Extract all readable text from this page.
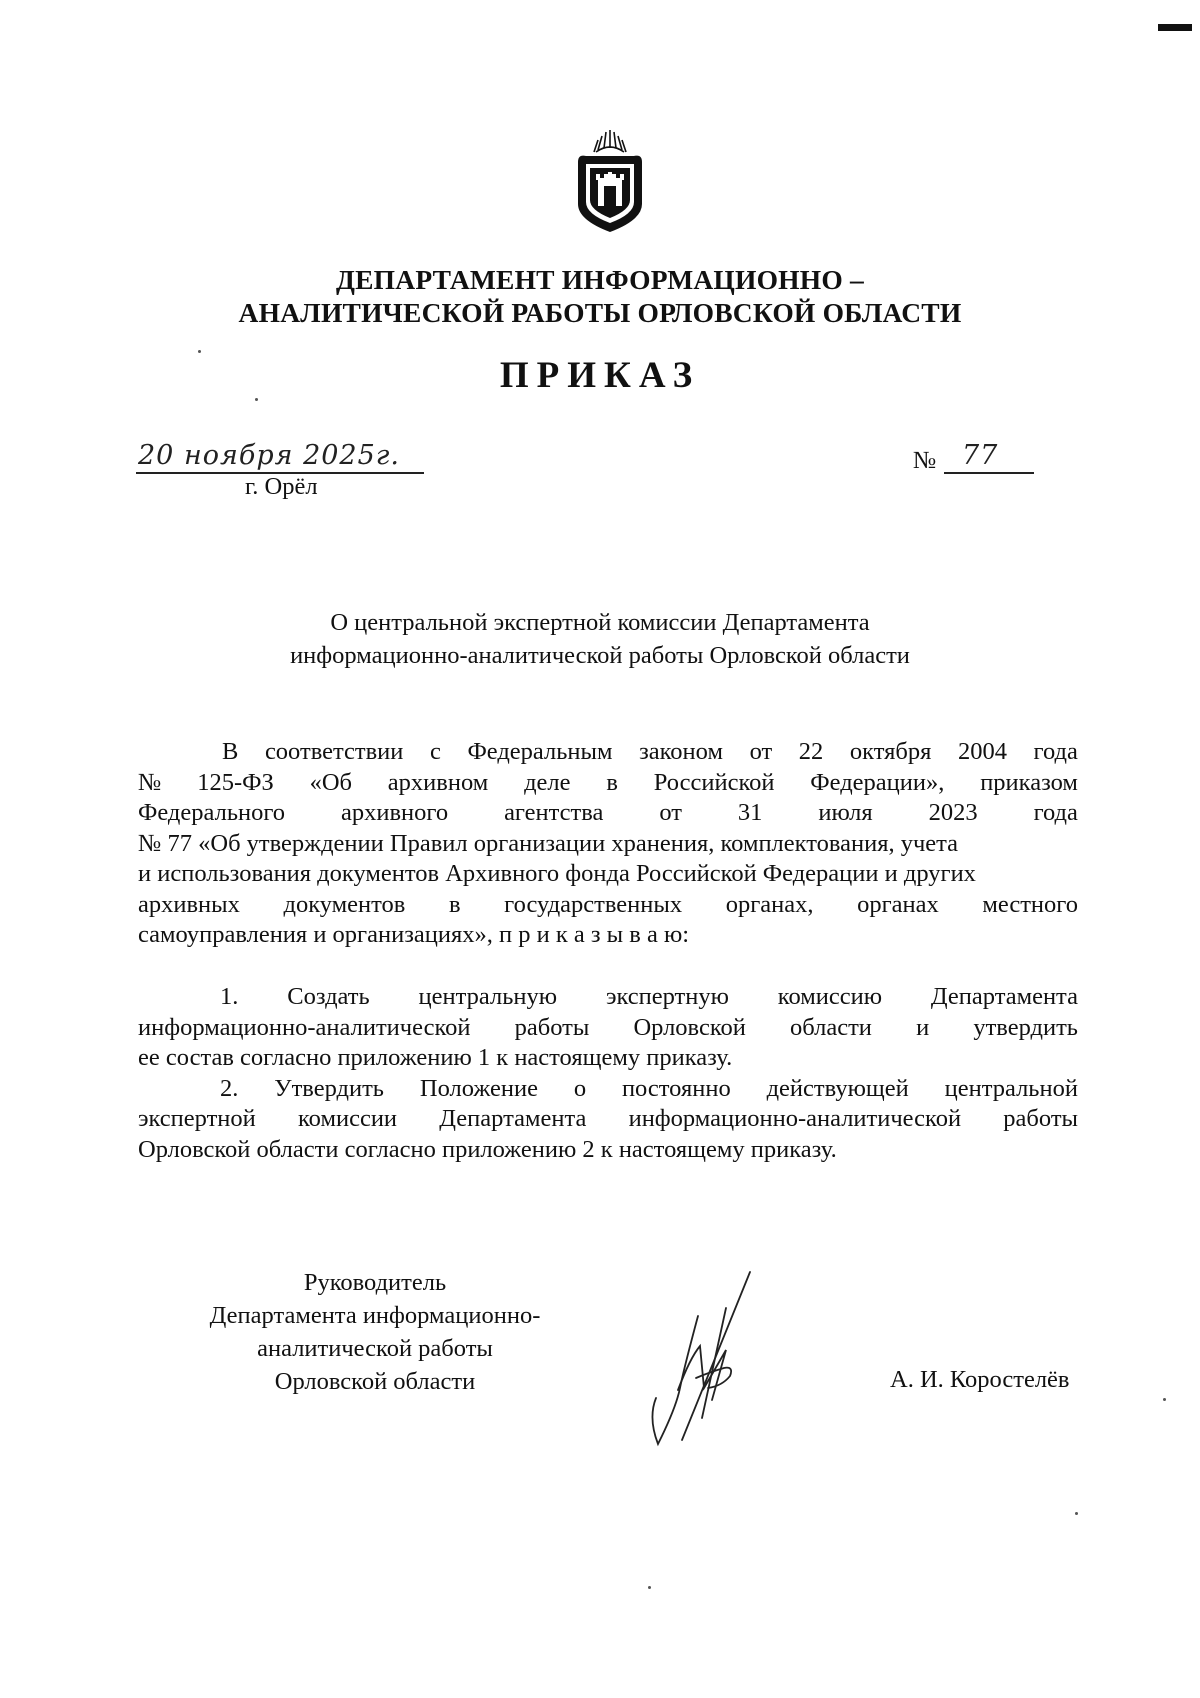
ДЕПАРТАМЕНТ ИНФОРМАЦИОННО –
АНАЛИТИЧЕСКОЙ РАБОТЫ ОРЛОВСКОЙ ОБЛАСТИ
ПРИКАЗ
20 ноября 2025г.
г. Орёл
№ 77
О центральной экспертной комиссии Департамента
информационно-аналитической работы Орловской области
В соответствии с Федеральным законом от 22 октября 2004 года
№ 125-ФЗ «Об архивном деле в Российской Федерации», приказом
Федерального архивного агентства от 31 июля 2023 года
№ 77 «Об утверждении Правил организации хранения, комплектования, учета
и использования документов Архивного фонда Российской Федерации и других
архивных документов в государственных органах, органах местного
самоуправления и организациях», п р и к а з ы в а ю:
1. Создать центральную экспертную комиссию Департамента
информационно-аналитической работы Орловской области и утвердить
ее состав согласно приложению 1 к настоящему приказу.
2. Утвердить Положение о постоянно действующей центральной
экспертной комиссии Департамента информационно-аналитической работы
Орловской области согласно приложению 2 к настоящему приказу.
Руководитель
Департамента информационно-
аналитической работы
Орловской области	А. И. Коростелёв
